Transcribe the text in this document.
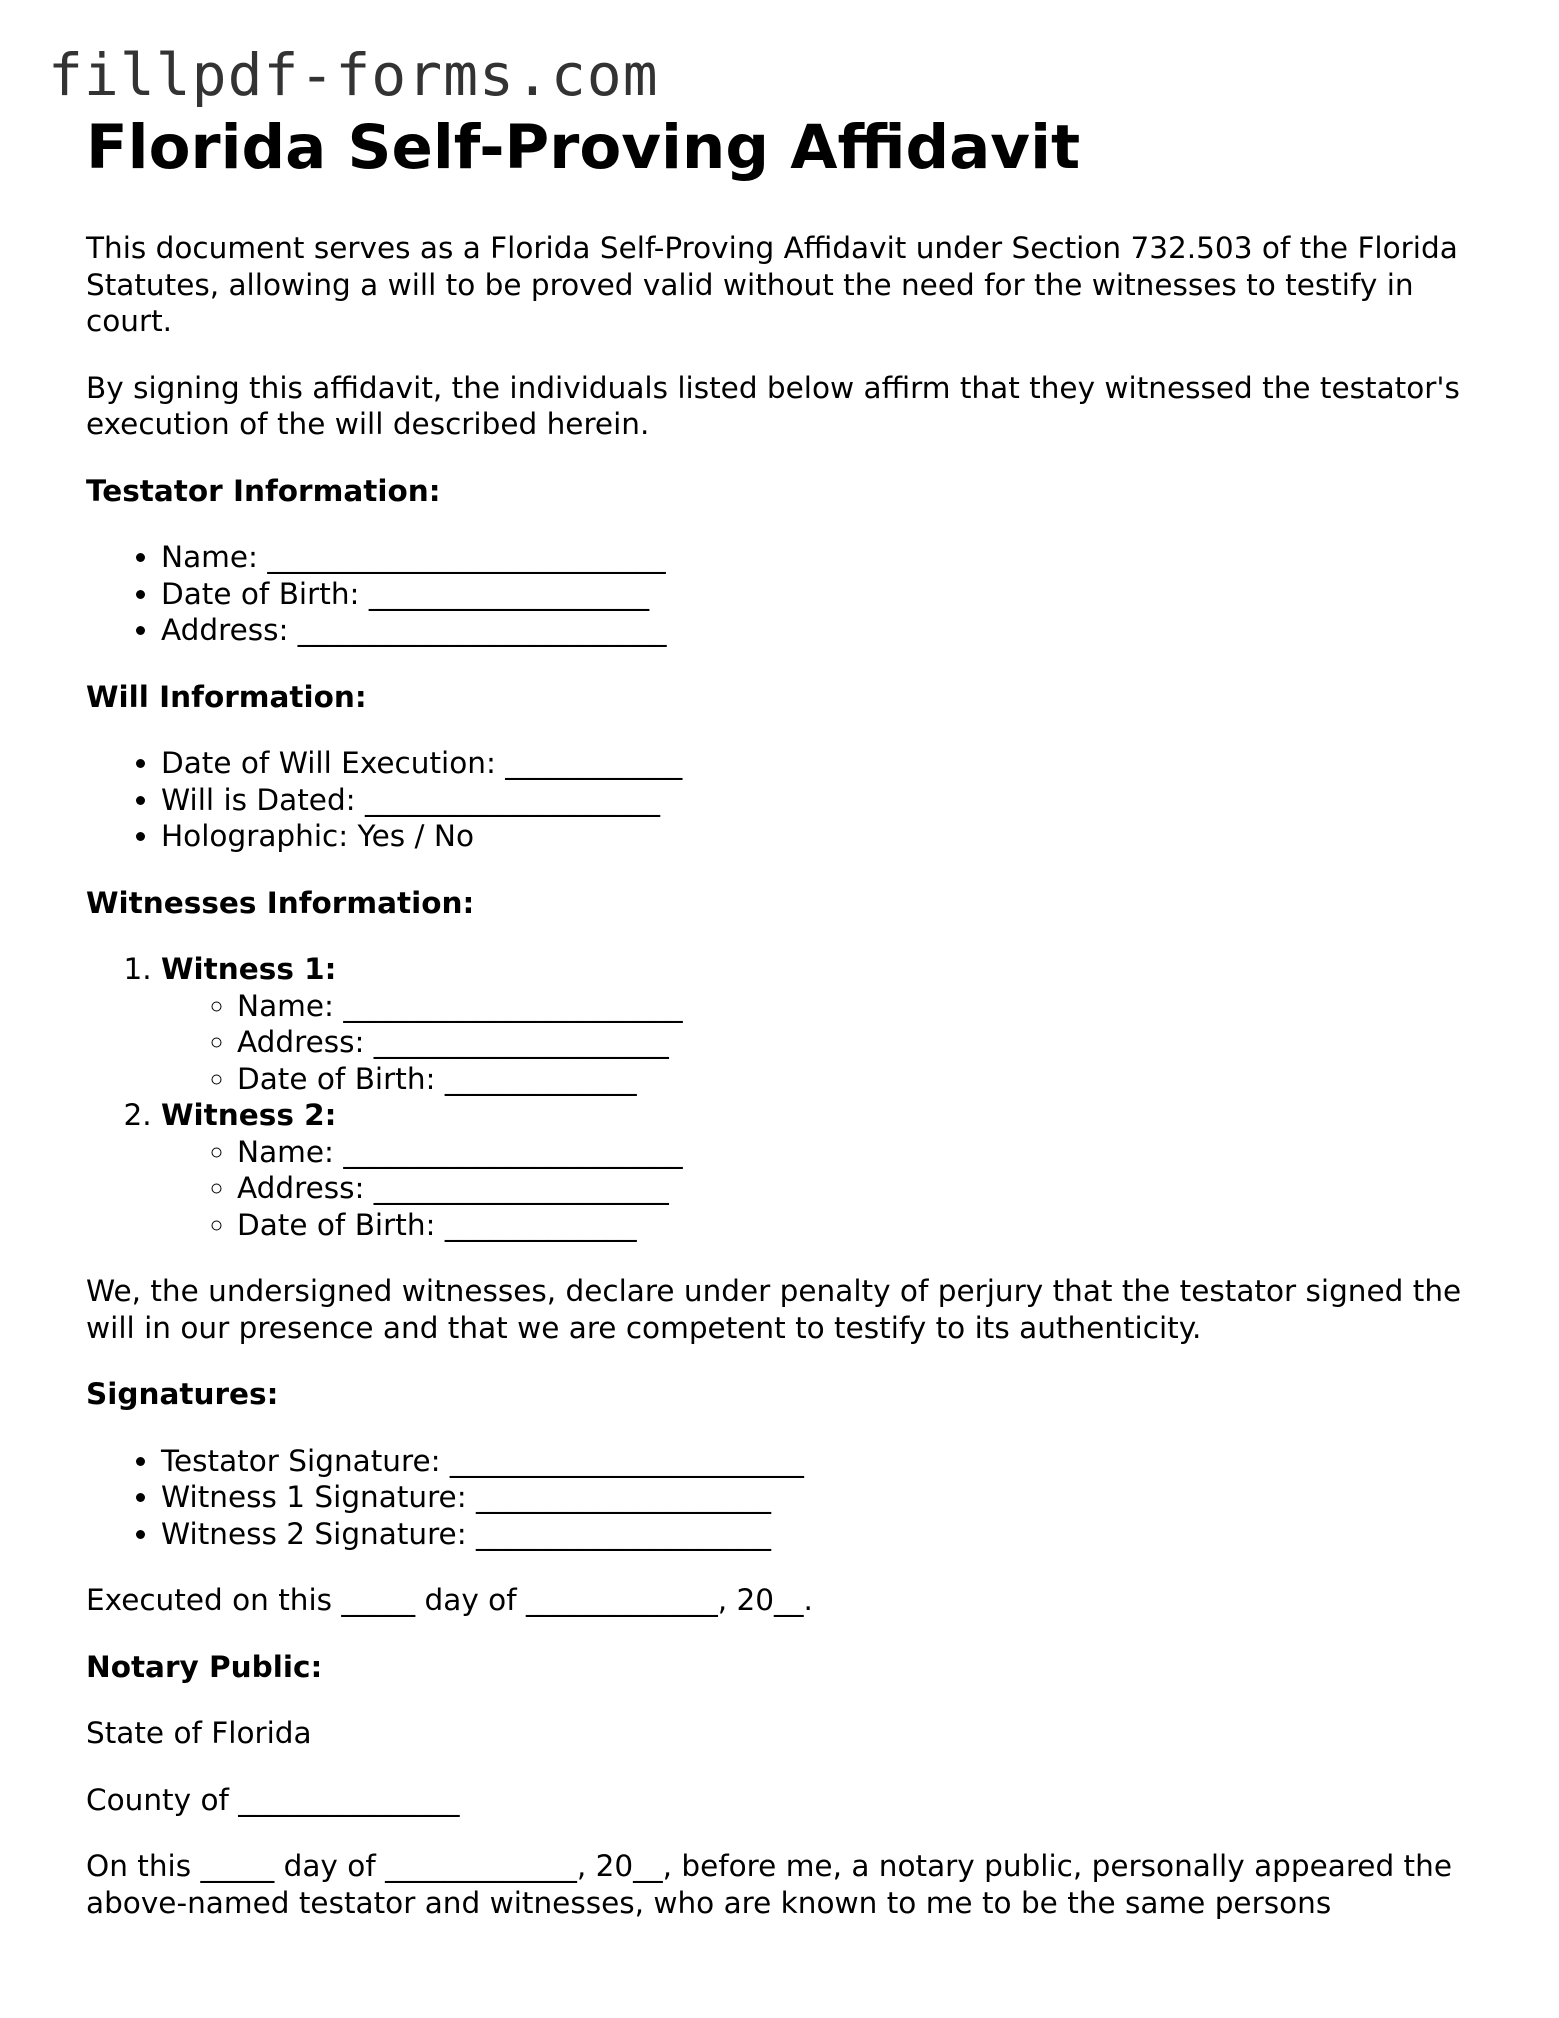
fillpdf-forms.com
Florida Self-Proving Affidavit

This document serves as a Florida Self-Proving Affidavit under Section 732.503 of the Florida Statutes, allowing a will to be proved valid without the need for the witnesses to testify in court.

By signing this affidavit, the individuals listed below affirm that they witnessed the testator's execution of the will described herein.

Testator Information:
• Name: ___________________________
• Date of Birth: ___________________
• Address: _________________________
Will Information:
• Date of Will Execution: ____________
• Will is Dated: ____________________
• Holographic: Yes / No
Witnesses Information:
1. Witness 1:
◦ Name: _______________________
◦ Address: ____________________
◦ Date of Birth: _____________
2. Witness 2:
◦ Name: _______________________
◦ Address: ____________________
◦ Date of Birth: _____________

We, the undersigned witnesses, declare under penalty of perjury that the testator signed the will in our presence and that we are competent to testify to its authenticity.

Signatures:
• Testator Signature: ________________________
• Witness 1 Signature: ____________________
• Witness 2 Signature: ____________________

Executed on this _____ day of _____________, 20__.

Notary Public:

State of Florida

County of _______________

On this _____ day of _____________, 20__, before me, a notary public, personally appeared the above-named testator and witnesses, who are known to me to be the same persons
